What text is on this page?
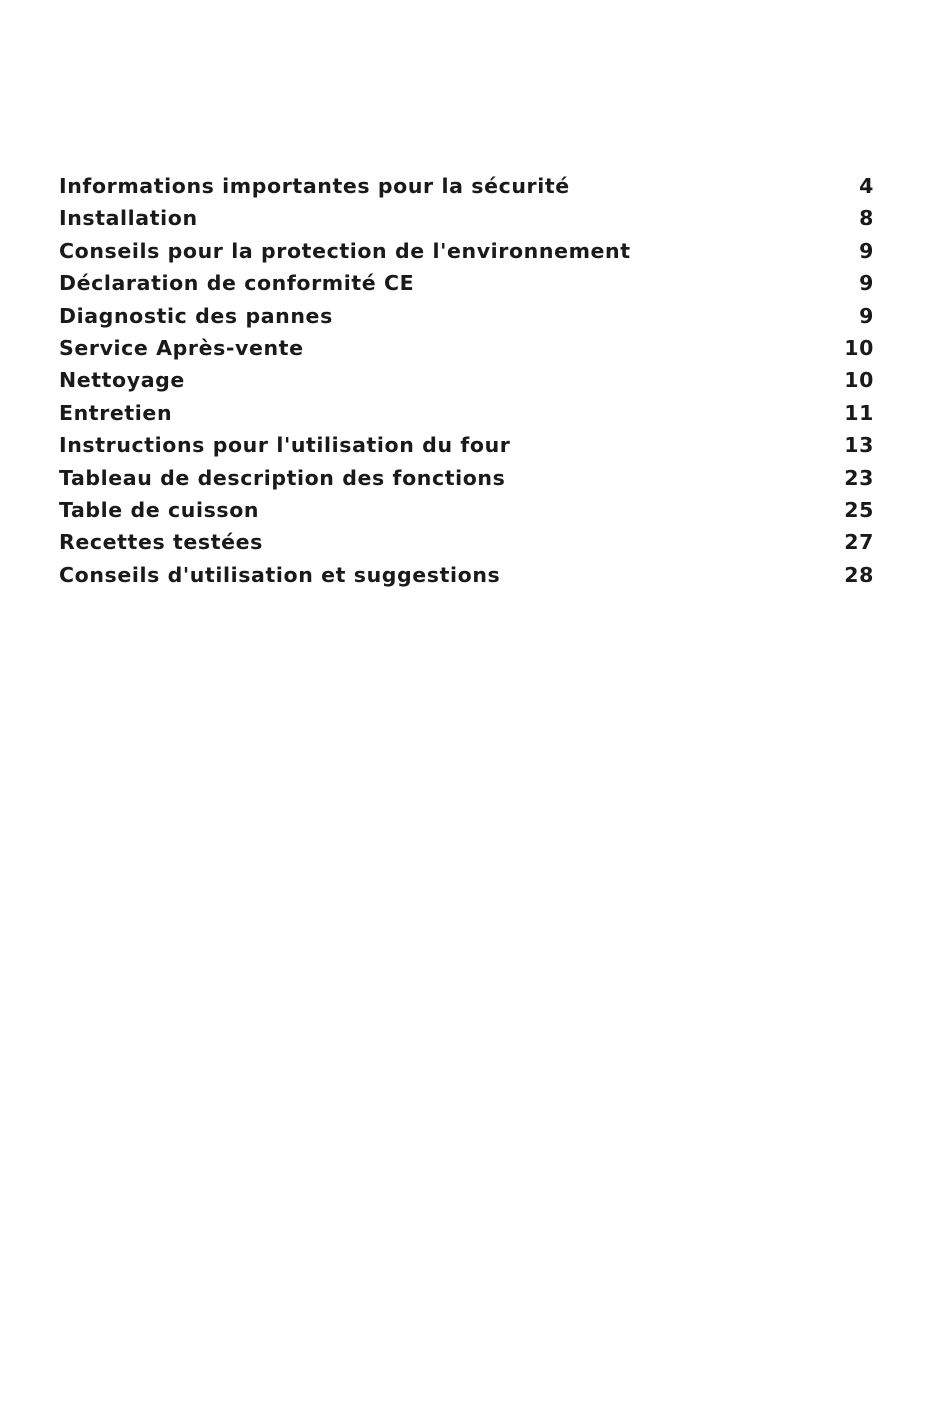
Informations importantes pour la sécurité	4
Installation	8
Conseils pour la protection de l'environnement	9
Déclaration de conformité CE	9
Diagnostic des pannes	9
Service Après-vente	10
Nettoyage	10
Entretien	11
Instructions pour l'utilisation du four	13
Tableau de description des fonctions	23
Table de cuisson	25
Recettes testées	27
Conseils d'utilisation et suggestions	28
